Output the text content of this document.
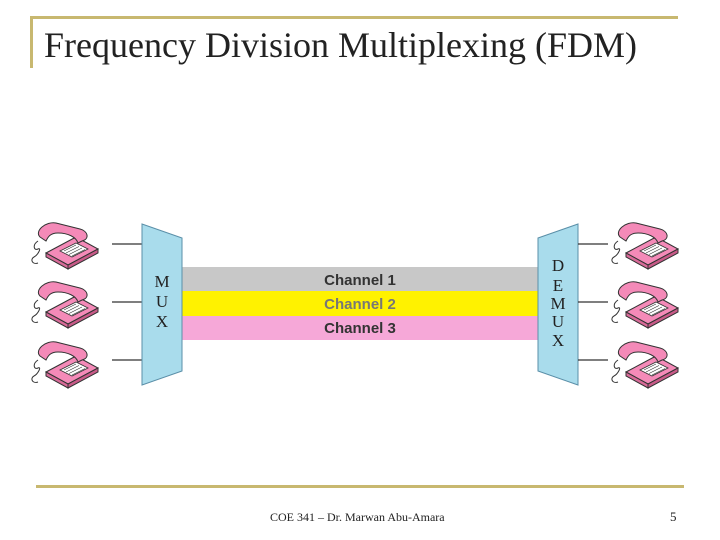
Frequency Division Multiplexing (FDM)
Channel 1
Channel 2
Channel 3
M
U
X
D
E
M
U
X
COE 341 – Dr. Marwan Abu-Amara	5
